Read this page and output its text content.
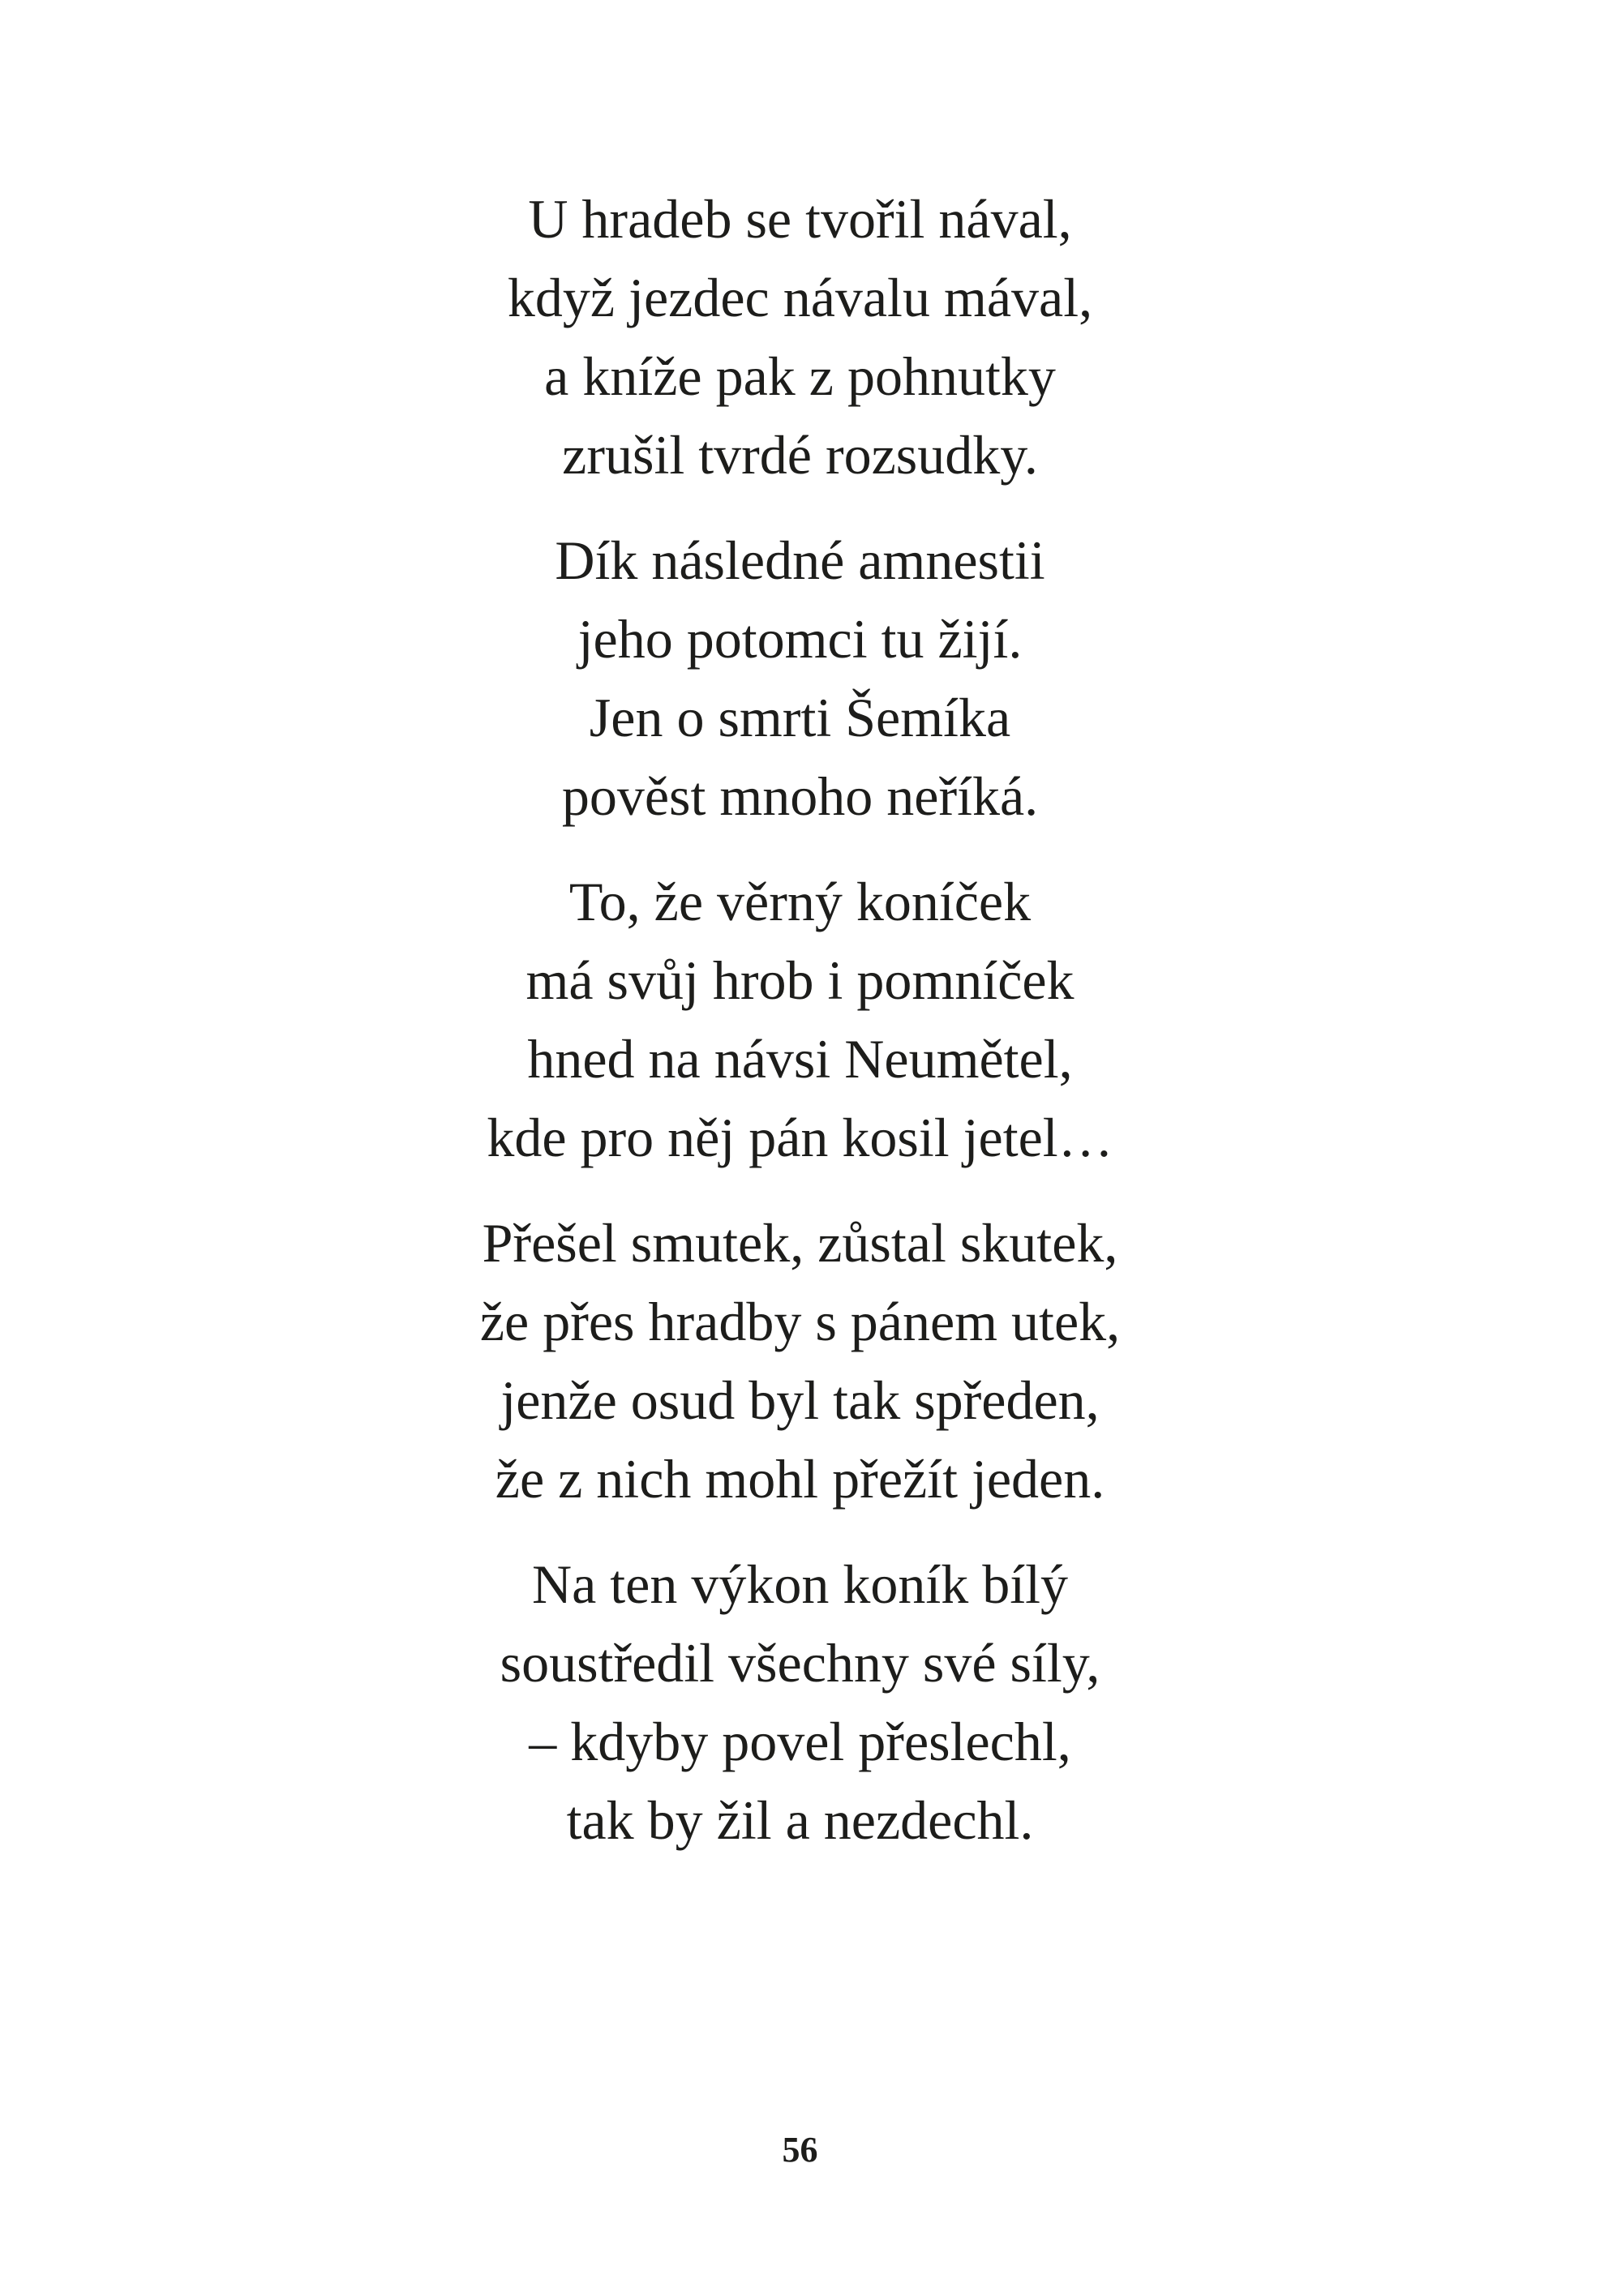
U hradeb se tvořil nával,
když jezdec návalu mával,
a kníže pak z pohnutky
zrušil tvrdé rozsudky.
Dík následné amnestii
jeho potomci tu žijí.
Jen o smrti Šemíka
pověst mnoho neříká.
To, že věrný koníček
má svůj hrob i pomníček
hned na návsi Neumětel,
kde pro něj pán kosil jetel…
Přešel smutek, zůstal skutek,
že přes hradby s pánem utek,
jenže osud byl tak spředen,
že z nich mohl přežít jeden.
Na ten výkon koník bílý
soustředil všechny své síly,
– kdyby povel přeslechl,
tak by žil a nezdechl.
56
